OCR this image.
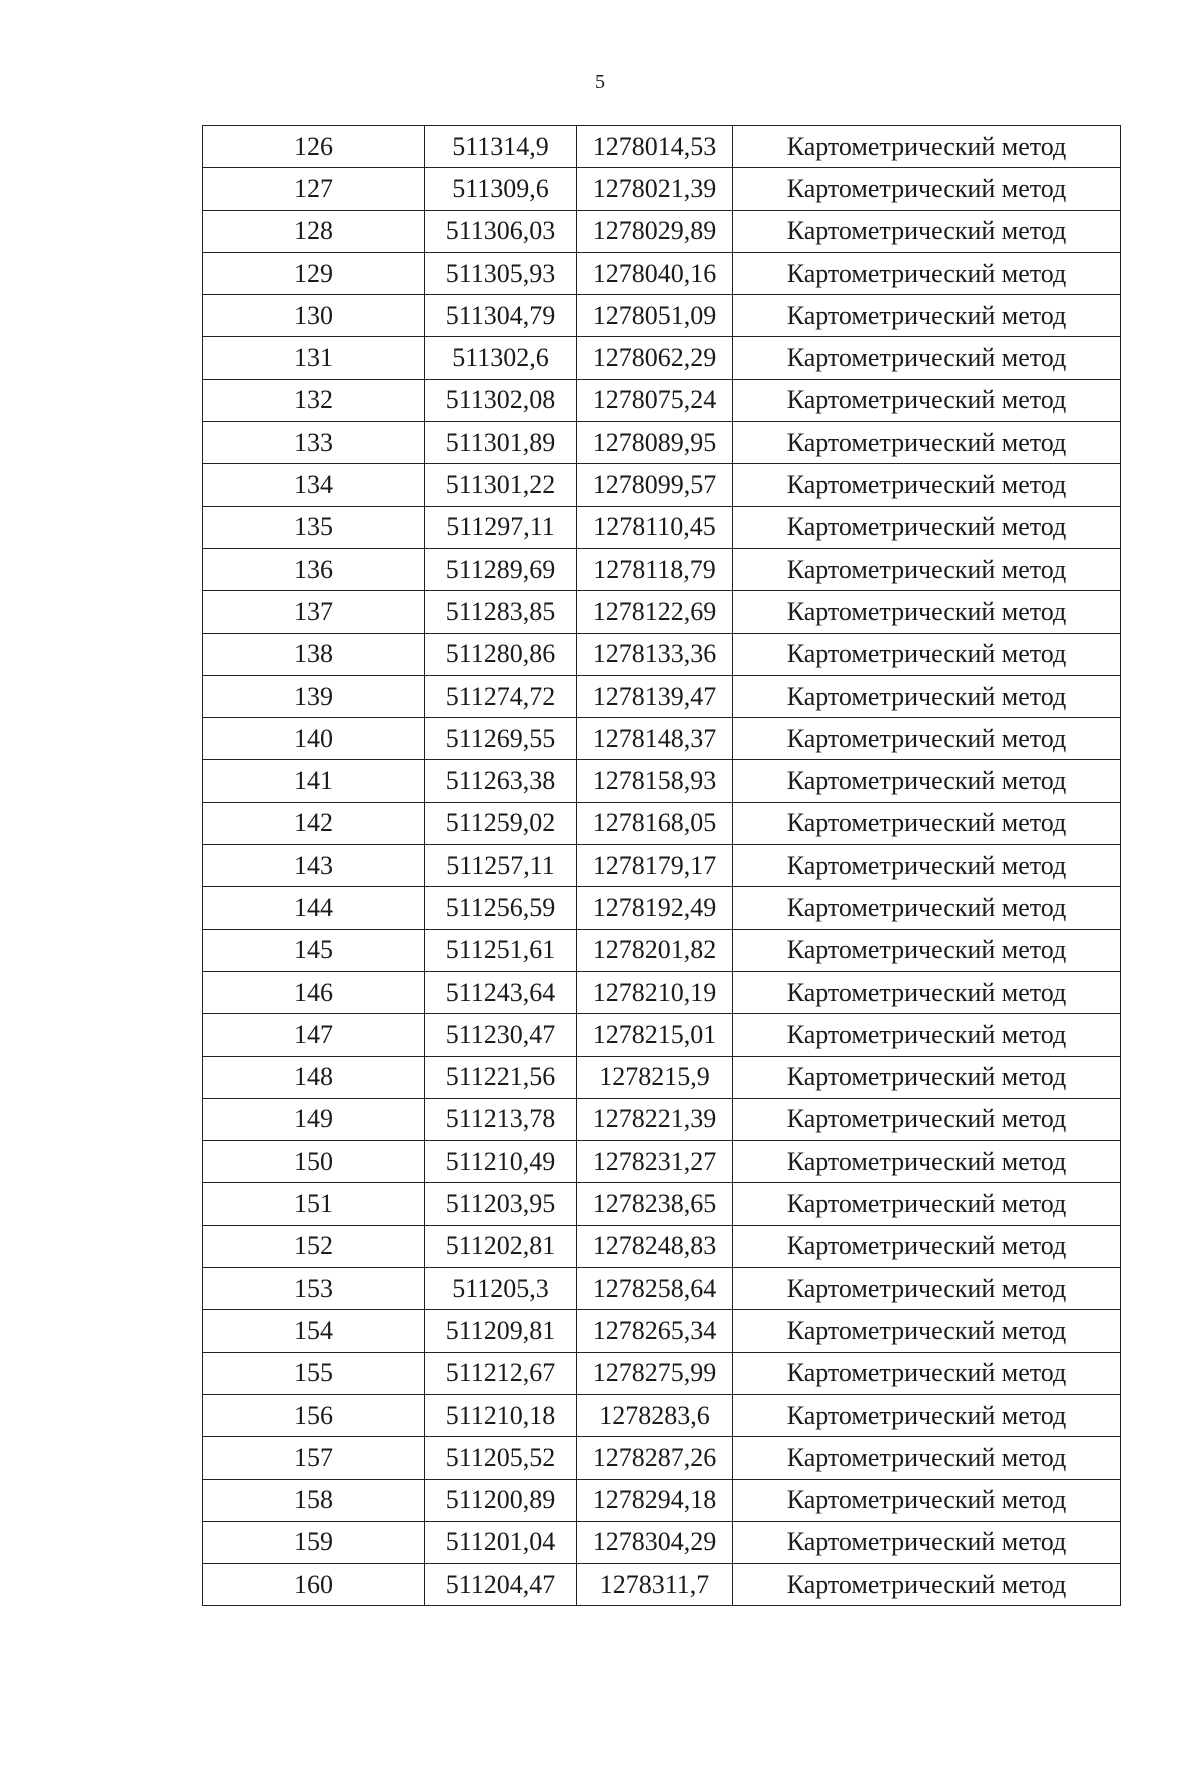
5
126	511314,9	1278014,53	Картометрический метод
127	511309,6	1278021,39	Картометрический метод
128	511306,03	1278029,89	Картометрический метод
129	511305,93	1278040,16	Картометрический метод
130	511304,79	1278051,09	Картометрический метод
131	511302,6	1278062,29	Картометрический метод
132	511302,08	1278075,24	Картометрический метод
133	511301,89	1278089,95	Картометрический метод
134	511301,22	1278099,57	Картометрический метод
135	511297,11	1278110,45	Картометрический метод
136	511289,69	1278118,79	Картометрический метод
137	511283,85	1278122,69	Картометрический метод
138	511280,86	1278133,36	Картометрический метод
139	511274,72	1278139,47	Картометрический метод
140	511269,55	1278148,37	Картометрический метод
141	511263,38	1278158,93	Картометрический метод
142	511259,02	1278168,05	Картометрический метод
143	511257,11	1278179,17	Картометрический метод
144	511256,59	1278192,49	Картометрический метод
145	511251,61	1278201,82	Картометрический метод
146	511243,64	1278210,19	Картометрический метод
147	511230,47	1278215,01	Картометрический метод
148	511221,56	1278215,9	Картометрический метод
149	511213,78	1278221,39	Картометрический метод
150	511210,49	1278231,27	Картометрический метод
151	511203,95	1278238,65	Картометрический метод
152	511202,81	1278248,83	Картометрический метод
153	511205,3	1278258,64	Картометрический метод
154	511209,81	1278265,34	Картометрический метод
155	511212,67	1278275,99	Картометрический метод
156	511210,18	1278283,6	Картометрический метод
157	511205,52	1278287,26	Картометрический метод
158	511200,89	1278294,18	Картометрический метод
159	511201,04	1278304,29	Картометрический метод
160	511204,47	1278311,7	Картометрический метод
